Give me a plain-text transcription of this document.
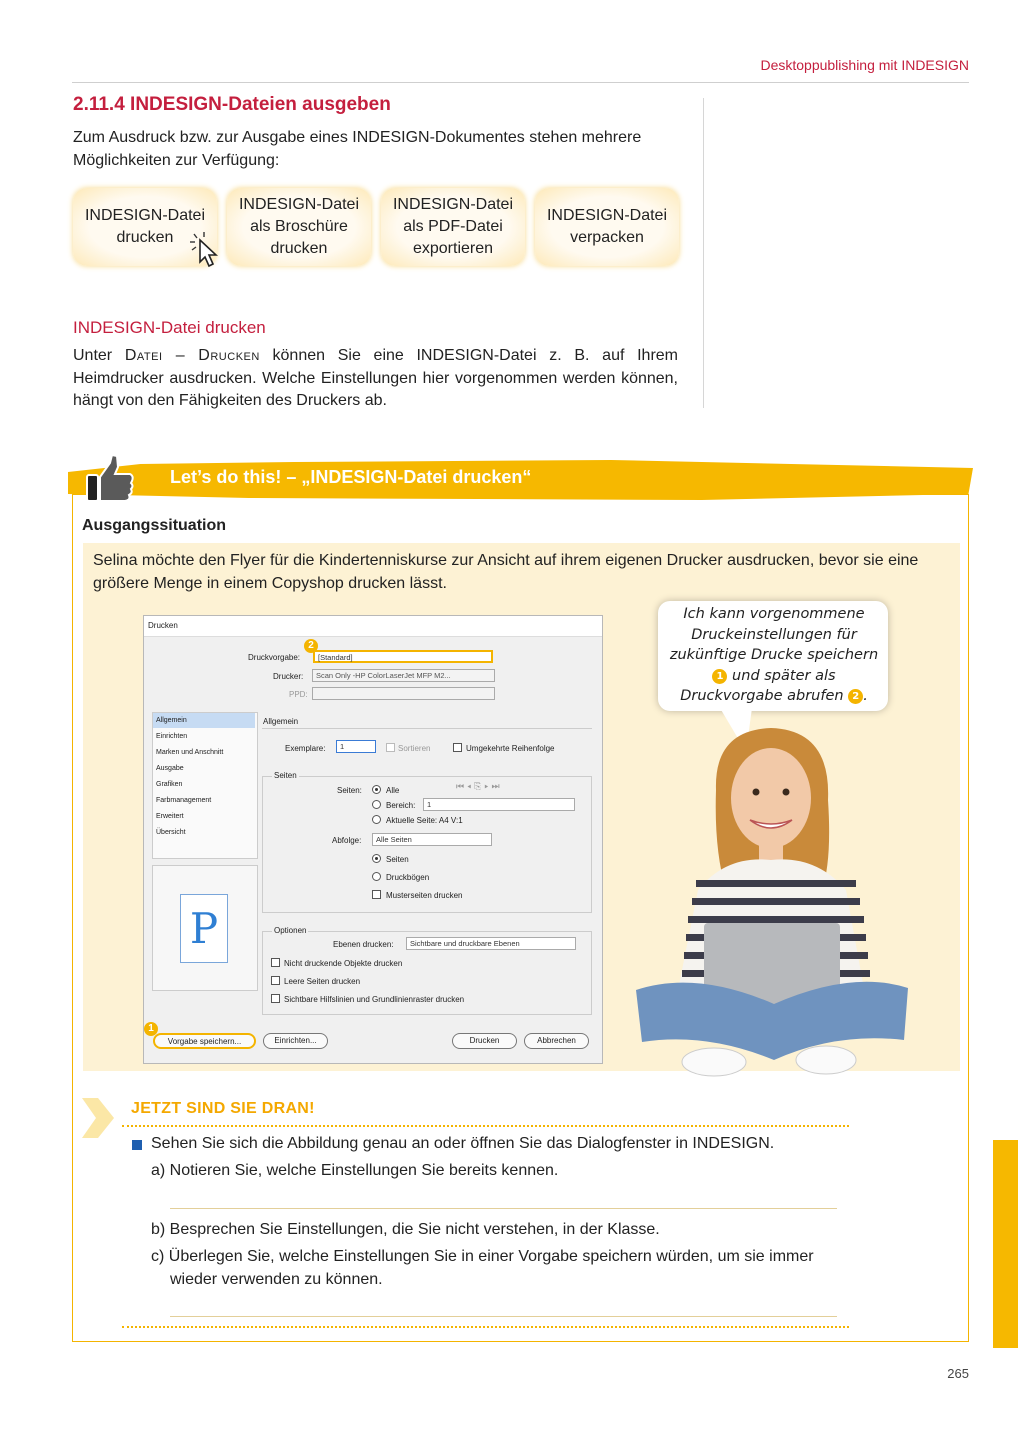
Desktoppublishing mit INDESIGN
2.11.4 INDESIGN-Dateien ausgeben
Zum Ausdruck bzw. zur Ausgabe eines INDESIGN-Dokumentes stehen mehrere Möglichkeiten zur Verfügung:
INDESIGN-Datei
drucken
INDESIGN-Datei
als Broschüre
drucken
INDESIGN-Datei
als PDF-Datei
exportieren
INDESIGN-Datei
verpacken
INDESIGN-Datei drucken
Unter Datei – Drucken können Sie eine INDESIGN-Datei z. B. auf Ihrem Heimdrucker ausdrucken. Welche Einstellungen hier vorgenommen werden können, hängt von den Fähigkeiten des Druckers ab.
Let’s do this! – „INDESIGN-Datei drucken“
Ausgangssituation
Selina möchte den Flyer für die Kindertenniskurse zur Ansicht auf ihrem eigenen Drucker ausdrucken, bevor sie eine größere Menge in einem Copyshop drucken lässt.
Drucken
Druckvorgabe:	[Standard]
2
Drucker:	Scan Only -HP ColorLaserJet MFP M2...
PPD:
Allgemein
Einrichten
Marken und Anschnitt
Ausgabe
Grafiken
Farbmanagement
Erweitert
Übersicht
P
Allgemein
Exemplare:	1	Sortieren	Umgekehrte Reihenfolge
Seiten
Seiten:	Alle	⏮◂⎘▸⏭
Bereich:	1
Aktuelle Seite: A4 V:1
Abfolge:	Alle Seiten
Seiten
Druckbögen
Musterseiten drucken
Optionen
Ebenen drucken:	Sichtbare und druckbare Ebenen
Nicht druckende Objekte drucken
Leere Seiten drucken
Sichtbare Hilfslinien und Grundlinienraster drucken
Vorgabe speichern...
1
Einrichten...	Drucken	Abbrechen
Ich kann vorgenommene Druckeinstellungen für zukünftige Drucke speichern 1 und später als Druckvorgabe abrufen 2 .
JETZT SIND SIE DRAN!
Sehen Sie sich die Abbildung genau an oder öffnen Sie das Dialogfenster in INDESIGN.
a) Notieren Sie, welche Einstellungen Sie bereits kennen.
b) Besprechen Sie Einstellungen, die Sie nicht verstehen, in der Klasse.
c) Überlegen Sie, welche Einstellungen Sie in einer Vorgabe speichern würden, um sie immer wieder verwenden zu können.
265
